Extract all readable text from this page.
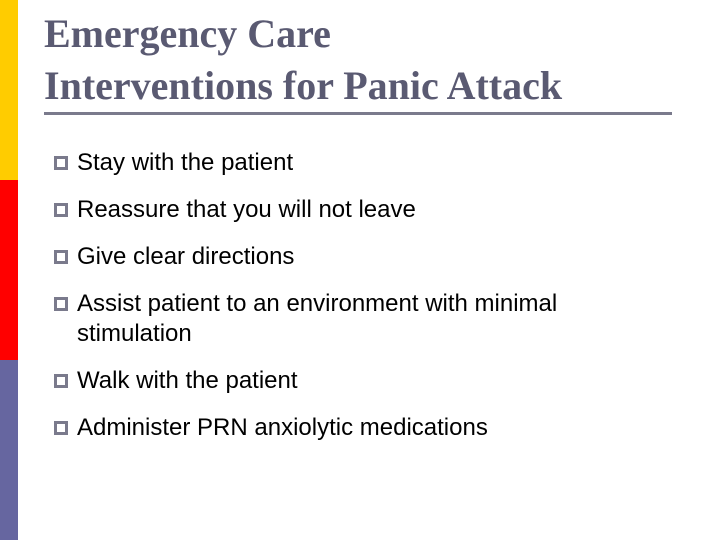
Emergency Care
Interventions for Panic Attack
Stay with the patient
Reassure that you will not leave
Give clear directions
Assist patient to an environment with minimal stimulation
Walk with the patient
Administer PRN anxiolytic medications
